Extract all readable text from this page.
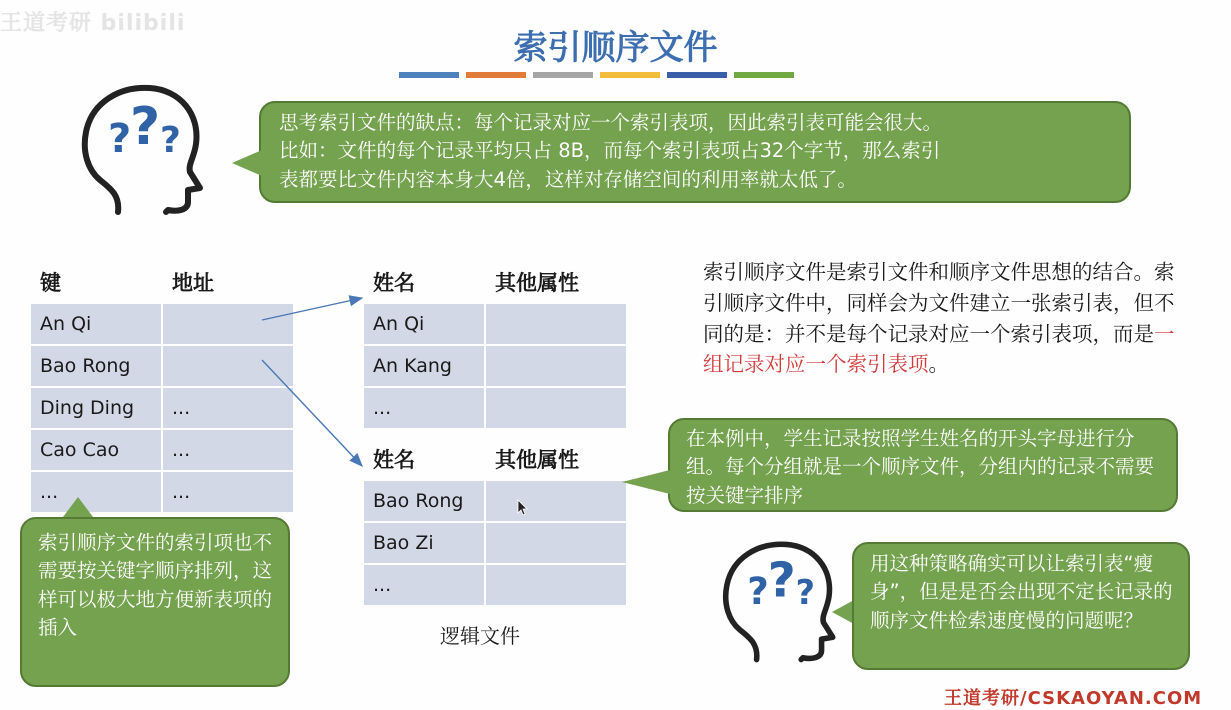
王道考研 bilibili
索引顺序文件
?
? ?	思考索引文件的缺点：每个记录对应一个索引表项，因此索引表可能会很大。
比如：文件的每个记录平均只占 8B，而每个索引表项占32个字节，那么索引
表都要比文件内容本身大4倍，这样对存储空间的利用率就太低了。
键	地址
An Qi	
Bao Rong	
Ding Ding	...
Cao Cao	...
...	...
姓名	其他属性
An Qi	
An Kang	
...	
姓名	其他属性
Bao Rong	
Bao Zi	
...	
逻辑文件
索引顺序文件是索引文件和顺序文件思想的结合。索引顺序文件中，同样会为文件建立一张索引表，但不同的是：并不是每个记录对应一个索引表项，而是一组记录对应一个索引表项。
在本例中，学生记录按照学生姓名的开头字母进行分组。每个分组就是一个顺序文件，分组内的记录不需要按关键字排序
索引顺序文件的索引项也不需要按关键字顺序排列，这样可以极大地方便新表项的插入
?
? ?
用这种策略确实可以让索引表“瘦身”，但是是否会出现不定长记录的顺序文件检索速度慢的问题呢？
王道考研/CSKAOYAN.COM
